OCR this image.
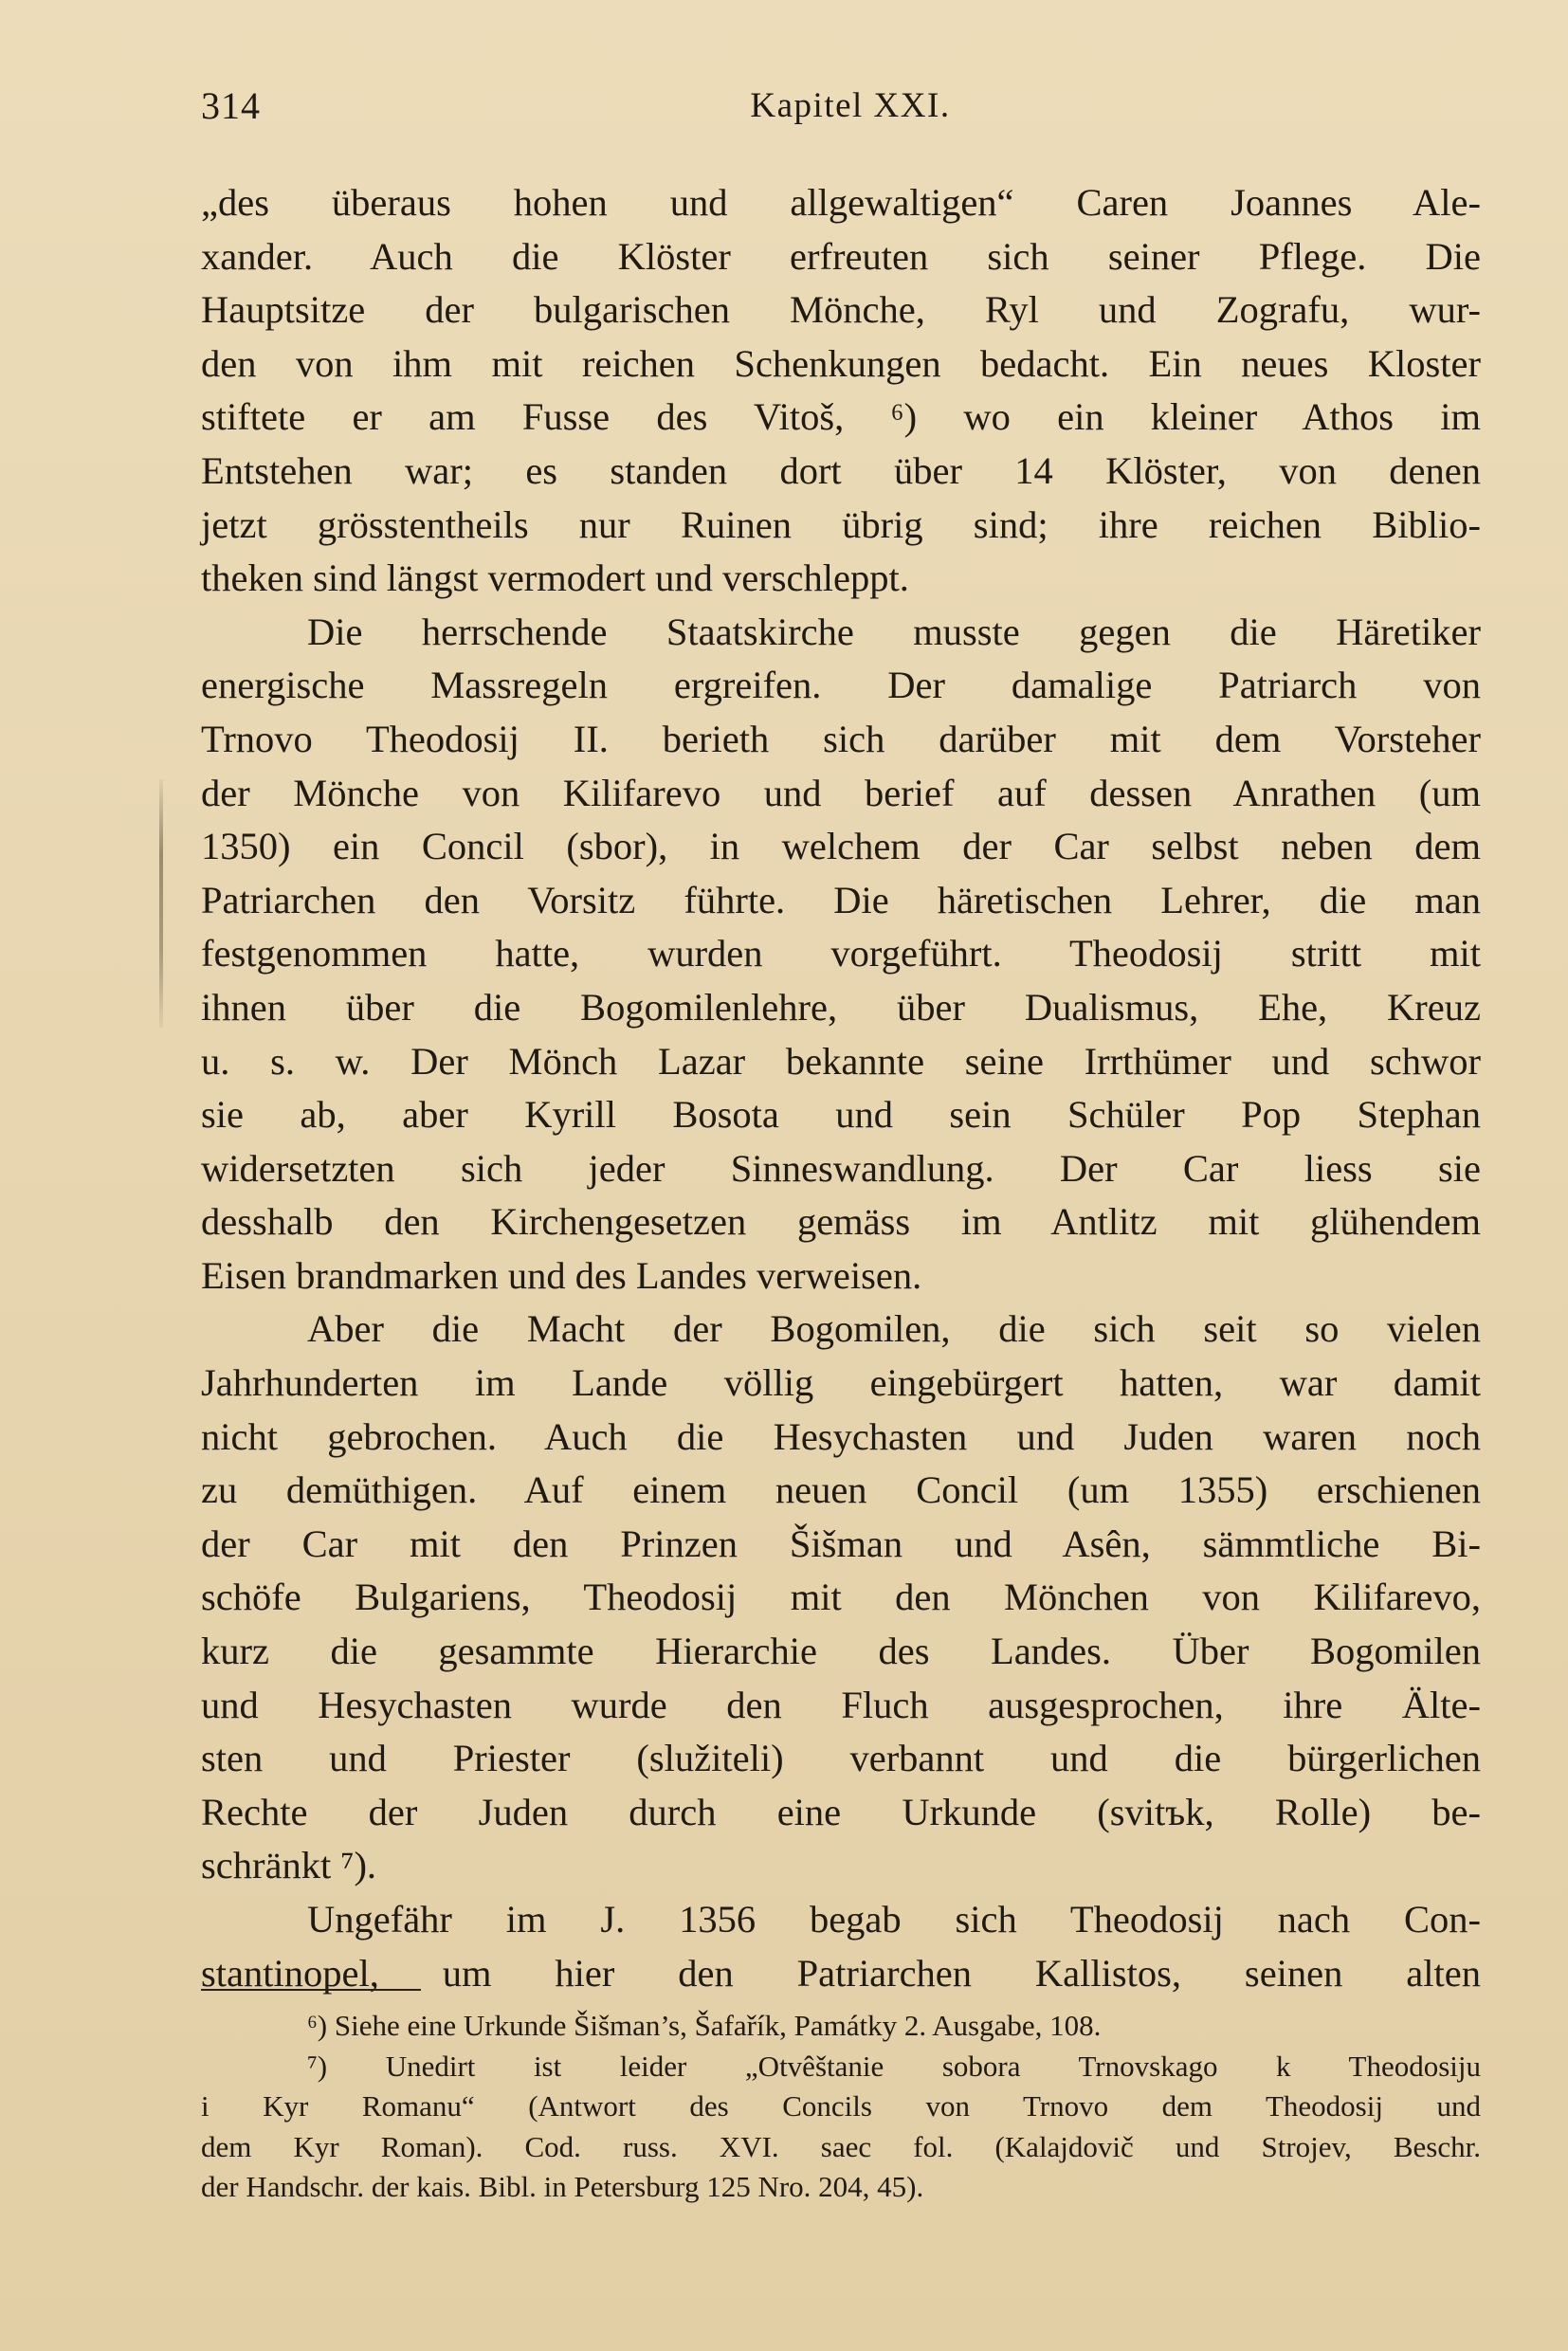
314	Kapitel XXI.
„des überaus hohen und allgewaltigen“ Caren Joannes Ale-
xander. Auch die Klöster erfreuten sich seiner Pflege. Die
Hauptsitze der bulgarischen Mönche, Ryl und Zografu, wur-
den von ihm mit reichen Schenkungen bedacht. Ein neues Kloster
stiftete er am Fusse des Vitoš, ⁶) wo ein kleiner Athos im
Entstehen war; es standen dort über 14 Klöster, von denen
jetzt grösstentheils nur Ruinen übrig sind; ihre reichen Biblio-
theken sind längst vermodert und verschleppt.
Die herrschende Staatskirche musste gegen die Häretiker
energische Massregeln ergreifen. Der damalige Patriarch von
Trnovo Theodosij II. berieth sich darüber mit dem Vorsteher
der Mönche von Kilifarevo und berief auf dessen Anrathen (um
1350) ein Concil (sbor), in welchem der Car selbst neben dem
Patriarchen den Vorsitz führte. Die häretischen Lehrer, die man
festgenommen hatte, wurden vorgeführt. Theodosij stritt mit
ihnen über die Bogomilenlehre, über Dualismus, Ehe, Kreuz
u. s. w. Der Mönch Lazar bekannte seine Irrthümer und schwor
sie ab, aber Kyrill Bosota und sein Schüler Pop Stephan
widersetzten sich jeder Sinneswandlung. Der Car liess sie
desshalb den Kirchengesetzen gemäss im Antlitz mit glühendem
Eisen brandmarken und des Landes verweisen.
Aber die Macht der Bogomilen, die sich seit so vielen
Jahrhunderten im Lande völlig eingebürgert hatten, war damit
nicht gebrochen. Auch die Hesychasten und Juden waren noch
zu demüthigen. Auf einem neuen Concil (um 1355) erschienen
der Car mit den Prinzen Šišman und Asên, sämmtliche Bi-
schöfe Bulgariens, Theodosij mit den Mönchen von Kilifarevo,
kurz die gesammte Hierarchie des Landes. Über Bogomilen
und Hesychasten wurde den Fluch ausgesprochen, ihre Älte-
sten und Priester (služiteli) verbannt und die bürgerlichen
Rechte der Juden durch eine Urkunde (svitъk, Rolle) be-
schränkt ⁷).
Ungefähr im J. 1356 begab sich Theodosij nach Con-
stantinopel, um hier den Patriarchen Kallistos, seinen alten
⁶) Siehe eine Urkunde Šišman’s, Šafařík, Památky 2. Ausgabe, 108.
⁷) Unedirt ist leider „Otvêštanie sobora Trnovskago k Theodosiju
i Kyr Romanu“ (Antwort des Concils von Trnovo dem Theodosij und
dem Kyr Roman). Cod. russ. XVI. saec fol. (Kalajdovič und Strojev, Beschr.
der Handschr. der kais. Bibl. in Petersburg 125 Nro. 204, 45).
